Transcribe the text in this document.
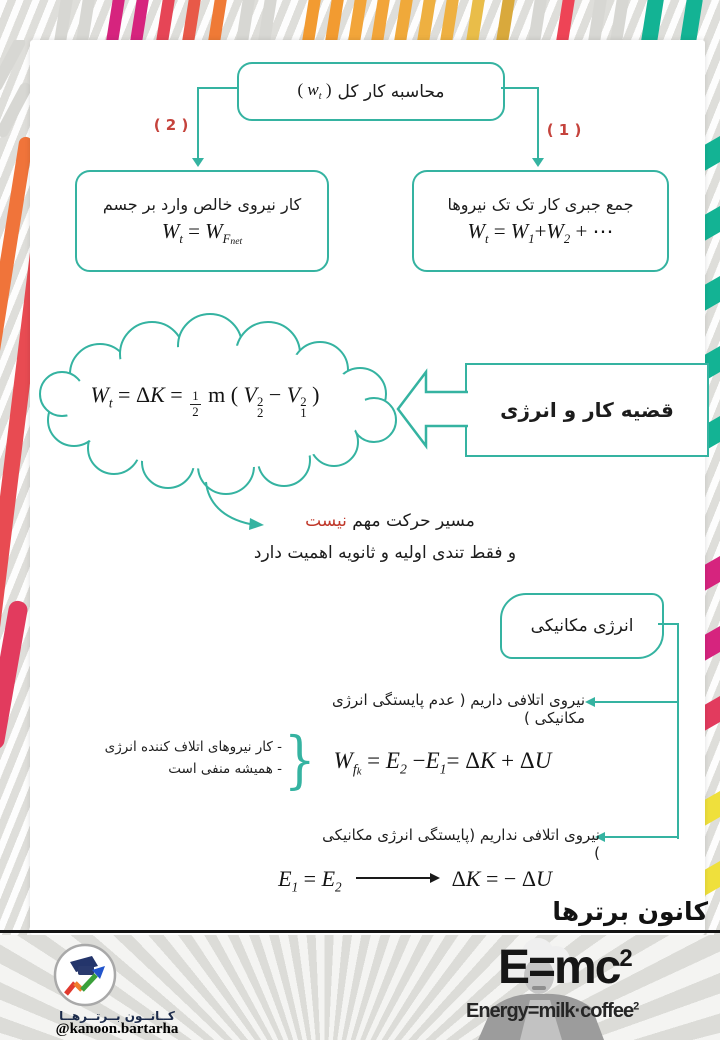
محاسبه کار کل
( $w_t$ )
( 2 )	( 1 )
کار نیروی خالص وارد بر جسم
$W_t = W_{Fnet}$
جمع جبری کار تک تک نیروها
$W_t = W_1+W_2$ + ⋯
$W_t = \Delta K = \frac{1}{2}$ m ( V 2
2
− V 2
1
)
قضیه کار و انرژی
مسیر حرکت مهم نیست
و فقط تندی اولیه و ثانویه اهمیت دارد
انرژی مکانیکی
نیروی اتلافی داریم ( عدم پایستگی انرژی مکانیکی )
- کار نیروهای اتلاف کننده انرژی
- همیشه منفی است } $W_{fk} = E_2 -E_1= \Delta K + \Delta U$
نیروی اتلافی نداریم (پایستگی انرژی مکانیکی )
$E_1 = E_2$	ΔK = − ΔU
کانون برترها
$E=mc^2$
Energy=milk·coffee$^2$
کــانــون بــرتــرهــا
@kanoon.bartarha
